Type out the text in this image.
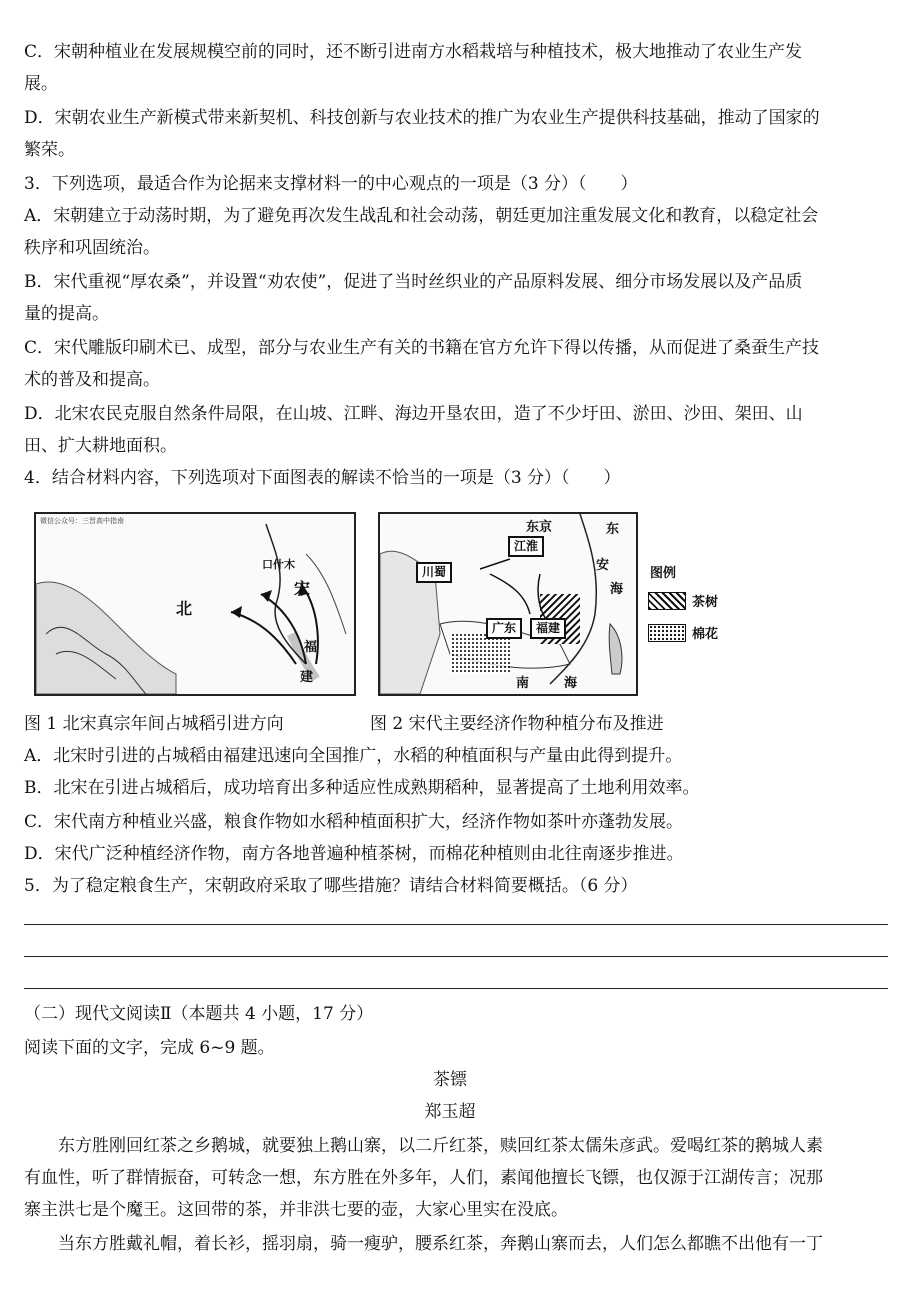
C．宋朝种植业在发展规模空前的同时，还不断引进南方水稻栽培与种植技术，极大地推动了农业生产发
展。
D．宋朝农业生产新模式带来新契机、科技创新与农业技术的推广为农业生产提供科技基础，推动了国家的
繁荣。
3．下列选项，最适合作为论据来支撑材料一的中心观点的一项是（3 分）（　　）
A．宋朝建立于动荡时期，为了避免再次发生战乱和社会动荡，朝廷更加注重发展文化和教育，以稳定社会
秩序和巩固统治。
B．宋代重视“厚农桑”，并设置“劝农使”，促进了当时丝织业的产品原料发展、细分市场发展以及产品质
量的提高。
C．宋代雕版印刷术已、成型，部分与农业生产有关的书籍在官方允许下得以传播，从而促进了桑蚕生产技
术的普及和提高。
D．北宋农民克服自然条件局限，在山坡、江畔、海边开垦农田，造了不少圩田、淤田、沙田、架田、山
田、扩大耕地面积。
4．结合材料内容，下列选项对下面图表的解读不恰当的一项是（3 分）（　　）
微信公众号：三晋高中指南
北
宋
口什木
福
建
东京	东
江淮
川蜀
广东	福建
安
海
南	海
图例
茶树
棉花
图 1 北宋真宗年间占城稻引进方向	图 2 宋代主要经济作物种植分布及推进
A．北宋时引进的占城稻由福建迅速向全国推广，水稻的种植面积与产量由此得到提升。
B．北宋在引进占城稻后，成功培育出多种适应性成熟期稻种，显著提高了土地利用效率。
C．宋代南方种植业兴盛，粮食作物如水稻种植面积扩大，经济作物如茶叶亦蓬勃发展。
D．宋代广泛种植经济作物，南方各地普遍种植茶树，而棉花种植则由北往南逐步推进。
5．为了稳定粮食生产，宋朝政府采取了哪些措施？请结合材料简要概括。（6 分）
（二）现代文阅读Ⅱ（本题共 4 小题，17 分）
阅读下面的文字，完成 6~9 题。
茶镖
郑玉超
　　东方胜刚回红茶之乡鹅城，就要独上鹅山寨，以二斤红茶，赎回红茶太儒朱彦武。爱喝红茶的鹅城人素
有血性，听了群情振奋，可转念一想，东方胜在外多年，人们，素闻他擅长飞镖，也仅源于江湖传言；况那
寨主洪七是个魔王。这回带的茶，并非洪七要的壶，大家心里实在没底。
　　当东方胜戴礼帽，着长衫，摇羽扇，骑一瘦驴，腰系红茶，奔鹅山寨而去，人们怎么都瞧不出他有一丁
